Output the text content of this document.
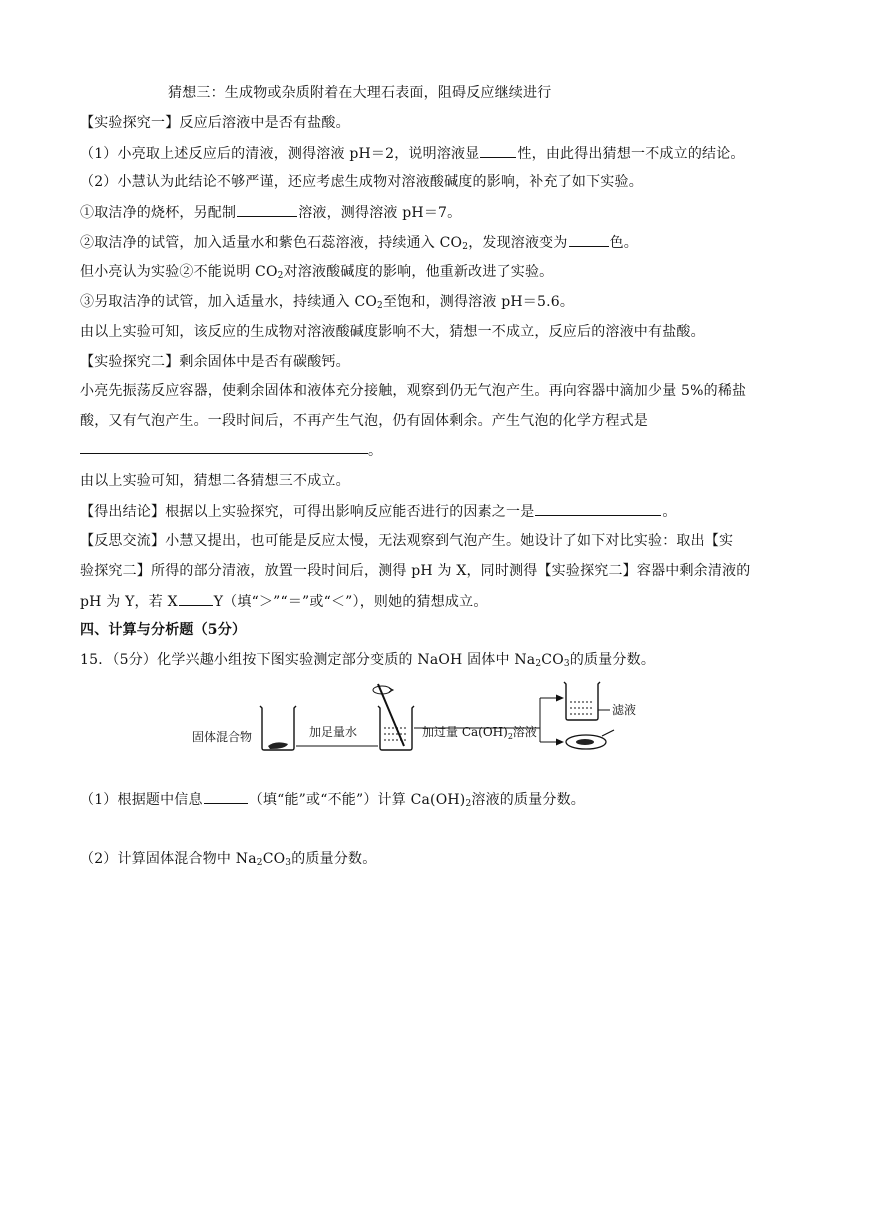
猜想三：生成物或杂质附着在大理石表面，阻碍反应继续进行
【实验探究一】反应后溶液中是否有盐酸。
（1）小亮取上述反应后的清液，测得溶液 pH＝2，说明溶液显	性，由此得出猜想一不成立的结论。
（2）小慧认为此结论不够严谨，还应考虑生成物对溶液酸碱度的影响，补充了如下实验。
①取洁净的烧杯，另配制	溶液，测得溶液 pH＝7。
②取洁净的试管，加入适量水和紫色石蕊溶液，持续通入 $CO_2$，发现溶液变为	色。
但小亮认为实验②不能说明 $CO_2$对溶液酸碱度的影响，他重新改进了实验。
③另取洁净的试管，加入适量水，持续通入 $CO_2$至饱和，测得溶液 pH＝5.6。
由以上实验可知，该反应的生成物对溶液酸碱度影响不大，猜想一不成立，反应后的溶液中有盐酸。
【实验探究二】剩余固体中是否有碳酸钙。
小亮先振荡反应容器，使剩余固体和液体充分接触，观察到仍无气泡产生。再向容器中滴加少量 5%的稀盐
酸，又有气泡产生。一段时间后，不再产生气泡，仍有固体剩余。产生气泡的化学方程式是
。
由以上实验可知，猜想二各猜想三不成立。
【得出结论】根据以上实验探究，可得出影响反应能否进行的因素之一是	。
【反思交流】小慧又提出，也可能是反应太慢，无法观察到气泡产生。她设计了如下对比实验：取出【实
验探究二】所得的部分清液，放置一段时间后，测得 pH 为 X，同时测得【实验探究二】容器中剩余清液的
pH 为 Y，若 X	Y（填“＞”“＝”或“＜”），则她的猜想成立。
四、计算与分析题（5分）
15．（5分）化学兴趣小组按下图实验测定部分变质的 NaOH 固体中 $Na_2CO_3$的质量分数。
固体混合物	加足量水	加过量 $Ca(OH)_2$溶液
滤液
（1）根据题中信息	（填“能”或“不能”）计算 $Ca(OH)_2$溶液的质量分数。
（2）计算固体混合物中 $Na_2CO_3$的质量分数。
